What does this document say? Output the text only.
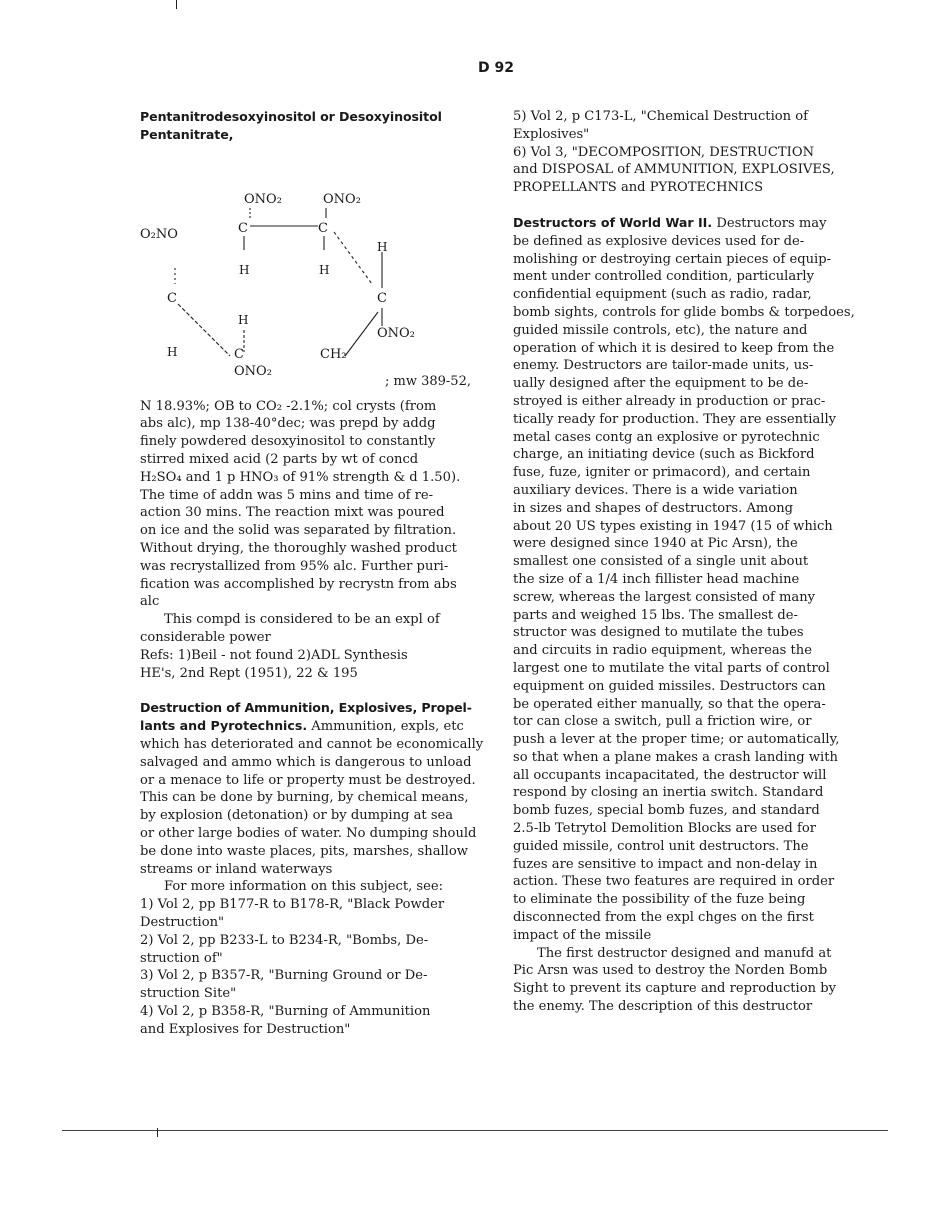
D 92
Pentanitrodesoxyinositol or Desoxyinositol
Pentanitrate,
ONO₂	ONO₂
O₂NO	C	C
H
H	H
C	C
H
ONO₂
H	C	CH₂
ONO₂
; mw 389-52,
N 18.93%; OB to CO₂ -2.1%; col crysts (from
abs alc), mp 138-40°dec; was prepd by addg
finely powdered desoxyinositol to constantly
stirred mixed acid (2 parts by wt of concd
H₂SO₄ and 1 p HNO₃ of 91% strength & d 1.50).
The time of addn was 5 mins and time of re-
action 30 mins. The reaction mixt was poured
on ice and the solid was separated by filtration.
Without drying, the thoroughly washed product
was recrystallized from 95% alc. Further puri-
fication was accomplished by recrystn from abs
alc
This compd is considered to be an expl of
considerable power
Refs: 1)Beil - not found 2)ADL Synthesis
HE's, 2nd Rept (1951), 22 & 195
Destruction of Ammunition, Explosives, Propel-
lants and Pyrotechnics. Ammunition, expls, etc
which has deteriorated and cannot be economically
salvaged and ammo which is dangerous to unload
or a menace to life or property must be destroyed.
This can be done by burning, by chemical means,
by explosion (detonation) or by dumping at sea
or other large bodies of water. No dumping should
be done into waste places, pits, marshes, shallow
streams or inland waterways
For more information on this subject, see:
1) Vol 2, pp B177-R to B178-R, "Black Powder
Destruction"
2) Vol 2, pp B233-L to B234-R, "Bombs, De-
struction of"
3) Vol 2, p B357-R, "Burning Ground or De-
struction Site"
4) Vol 2, p B358-R, "Burning of Ammunition
and Explosives for Destruction"
5) Vol 2, p C173-L, "Chemical Destruction of
Explosives"
6) Vol 3, "DECOMPOSITION, DESTRUCTION
and DISPOSAL of AMMUNITION, EXPLOSIVES,
PROPELLANTS and PYROTECHNICS
Destructors of World War II. Destructors may
be defined as explosive devices used for de-
molishing or destroying certain pieces of equip-
ment under controlled condition, particularly
confidential equipment (such as radio, radar,
bomb sights, controls for glide bombs & torpedoes,
guided missile controls, etc), the nature and
operation of which it is desired to keep from the
enemy. Destructors are tailor-made units, us-
ually designed after the equipment to be de-
stroyed is either already in production or prac-
tically ready for production. They are essentially
metal cases contg an explosive or pyrotechnic
charge, an initiating device (such as Bickford
fuse, fuze, igniter or primacord), and certain
auxiliary devices. There is a wide variation
in sizes and shapes of destructors. Among
about 20 US types existing in 1947 (15 of which
were designed since 1940 at Pic Arsn), the
smallest one consisted of a single unit about
the size of a 1/4 inch fillister head machine
screw, whereas the largest consisted of many
parts and weighed 15 lbs. The smallest de-
structor was designed to mutilate the tubes
and circuits in radio equipment, whereas the
largest one to mutilate the vital parts of control
equipment on guided missiles. Destructors can
be operated either manually, so that the opera-
tor can close a switch, pull a friction wire, or
push a lever at the proper time; or automatically,
so that when a plane makes a crash landing with
all occupants incapacitated, the destructor will
respond by closing an inertia switch. Standard
bomb fuzes, special bomb fuzes, and standard
2.5-lb Tetrytol Demolition Blocks are used for
guided missile, control unit destructors. The
fuzes are sensitive to impact and non-delay in
action. These two features are required in order
to eliminate the possibility of the fuze being
disconnected from the expl chges on the first
impact of the missile
The first destructor designed and manufd at
Pic Arsn was used to destroy the Norden Bomb
Sight to prevent its capture and reproduction by
the enemy. The description of this destructor
